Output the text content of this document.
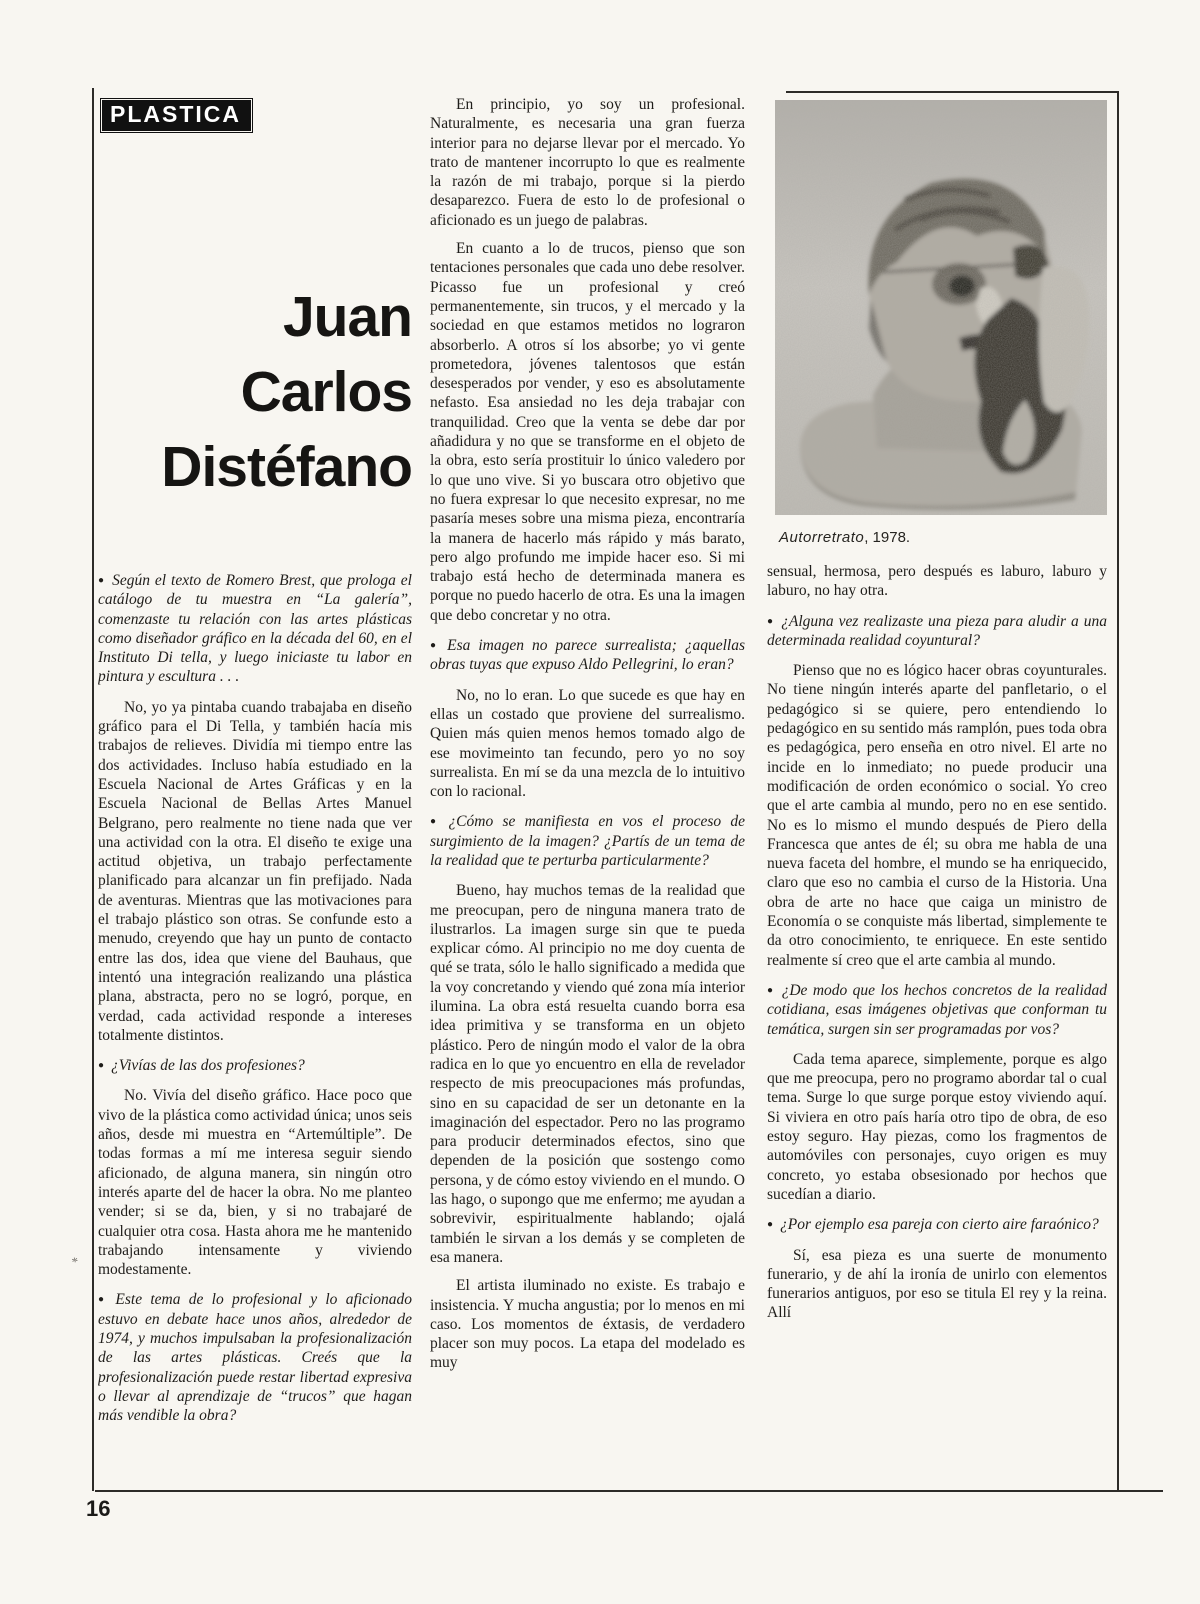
PLASTICA
Juan
Carlos
Distéfano
Autorretrato, 1978.

● Según el texto de Romero Brest, que prologa el catálogo de tu muestra en “La galería”, comenzaste tu relación con las artes plásticas como diseñador gráfico en la década del 60, en el Instituto Di tella, y luego iniciaste tu labor en pintura y escultura . . .

No, yo ya pintaba cuando trabajaba en diseño gráfico para el Di Tella, y también hacía mis trabajos de relieves. Dividía mi tiempo entre las dos actividades. Incluso había estudiado en la Escuela Nacional de Artes Gráficas y en la Escuela Nacional de Bellas Artes Manuel Belgrano, pero realmente no tiene nada que ver una actividad con la otra. El diseño te exige una actitud objetiva, un trabajo perfectamente planificado para alcanzar un fin prefijado. Nada de aventuras. Mientras que las motivaciones para el trabajo plástico son otras. Se confunde esto a menudo, creyendo que hay un punto de contacto entre las dos, idea que viene del Bauhaus, que intentó una integración realizando una plástica plana, abstracta, pero no se logró, porque, en verdad, cada actividad responde a intereses totalmente distintos.

● ¿Vivías de las dos profesiones?

No. Vivía del diseño gráfico. Hace poco que vivo de la plástica como actividad única; unos seis años, desde mi muestra en “Artemúltiple”. De todas formas a mí me interesa seguir siendo aficionado, de alguna manera, sin ningún otro interés aparte del de hacer la obra. No me planteo vender; si se da, bien, y si no trabajaré de cualquier otra cosa. Hasta ahora me he mantenido trabajando intensamente y viviendo modestamente.

● Este tema de lo profesional y lo aficionado estuvo en debate hace unos años, alrededor de 1974, y muchos impulsaban la profesionalización de las artes plásticas. Creés que la profesionalización puede restar libertad expresiva o llevar al aprendizaje de “trucos” que hagan más vendible la obra?

En principio, yo soy un profesional. Naturalmente, es necesaria una gran fuerza interior para no dejarse llevar por el mercado. Yo trato de mantener incorrupto lo que es realmente la razón de mi trabajo, porque si la pierdo desaparezco. Fuera de esto lo de profesional o aficionado es un juego de palabras.

En cuanto a lo de trucos, pienso que son tentaciones personales que cada uno debe resolver. Picasso fue un profesional y creó permanentemente, sin trucos, y el mercado y la sociedad en que estamos metidos no lograron absorberlo. A otros sí los absorbe; yo vi gente prometedora, jóvenes talentosos que están desesperados por vender, y eso es absolutamente nefasto. Esa ansiedad no les deja trabajar con tranquilidad. Creo que la venta se debe dar por añadidura y no que se transforme en el objeto de la obra, esto sería prostituir lo único valedero por lo que uno vive. Si yo buscara otro objetivo que no fuera expresar lo que necesito expresar, no me pasaría meses sobre una misma pieza, encontraría la manera de hacerlo más rápido y más barato, pero algo profundo me impide hacer eso. Si mi trabajo está hecho de determinada manera es porque no puedo hacerlo de otra. Es una la imagen que debo concretar y no otra.

● Esa imagen no parece surrealista; ¿aquellas obras tuyas que expuso Aldo Pellegrini, lo eran?

No, no lo eran. Lo que sucede es que hay en ellas un costado que proviene del surrealismo. Quien más quien menos hemos tomado algo de ese movimeinto tan fecundo, pero yo no soy surrealista. En mí se da una mezcla de lo intuitivo con lo racional.

● ¿Cómo se manifiesta en vos el proceso de surgimiento de la imagen? ¿Partís de un tema de la realidad que te perturba particularmente?

Bueno, hay muchos temas de la realidad que me preocupan, pero de ninguna manera trato de ilustrarlos. La imagen surge sin que te pueda explicar cómo. Al principio no me doy cuenta de qué se trata, sólo le hallo significado a medida que la voy concretando y viendo qué zona mía interior ilumina. La obra está resuelta cuando borra esa idea primitiva y se transforma en un objeto plástico. Pero de ningún modo el valor de la obra radica en lo que yo encuentro en ella de revelador respecto de mis preocupaciones más profundas, sino en su capacidad de ser un detonante en la imaginación del espectador. Pero no las programo para producir determinados efectos, sino que dependen de la posición que sostengo como persona, y de cómo estoy viviendo en el mundo. O las hago, o supongo que me enfermo; me ayudan a sobrevivir, espiritualmente hablando; ojalá también le sirvan a los demás y se completen de esa manera.

El artista iluminado no existe. Es trabajo e insistencia. Y mucha angustia; por lo menos en mi caso. Los momentos de éxtasis, de verdadero placer son muy pocos. La etapa del modelado es muy

sensual, hermosa, pero después es laburo, laburo y laburo, no hay otra.

● ¿Alguna vez realizaste una pieza para aludir a una determinada realidad coyuntural?

Pienso que no es lógico hacer obras coyunturales. No tiene ningún interés aparte del panfletario, o el pedagógico si se quiere, pero entendiendo lo pedagógico en su sentido más ramplón, pues toda obra es pedagógica, pero enseña en otro nivel. El arte no incide en lo inmediato; no puede producir una modificación de orden económico o social. Yo creo que el arte cambia al mundo, pero no en ese sentido. No es lo mismo el mundo después de Piero della Francesca que antes de él; su obra me habla de una nueva faceta del hombre, el mundo se ha enriquecido, claro que eso no cambia el curso de la Historia. Una obra de arte no hace que caiga un ministro de Economía o se conquiste más libertad, simplemente te da otro conocimiento, te enriquece. En este sentido realmente sí creo que el arte cambia al mundo.

● ¿De modo que los hechos concretos de la realidad cotidiana, esas imágenes objetivas que conforman tu temática, surgen sin ser programadas por vos?

Cada tema aparece, simplemente, porque es algo que me preocupa, pero no programo abordar tal o cual tema. Surge lo que surge porque estoy viviendo aquí. Si viviera en otro país haría otro tipo de obra, de eso estoy seguro. Hay piezas, como los fragmentos de automóviles con personajes, cuyo origen es muy concreto, yo estaba obsesionado por hechos que sucedían a diario.

● ¿Por ejemplo esa pareja con cierto aire faraónico?

Sí, esa pieza es una suerte de monumento funerario, y de ahí la ironía de unirlo con elementos funerarios antiguos, por eso se titula El rey y la reina. Allí

16
*
